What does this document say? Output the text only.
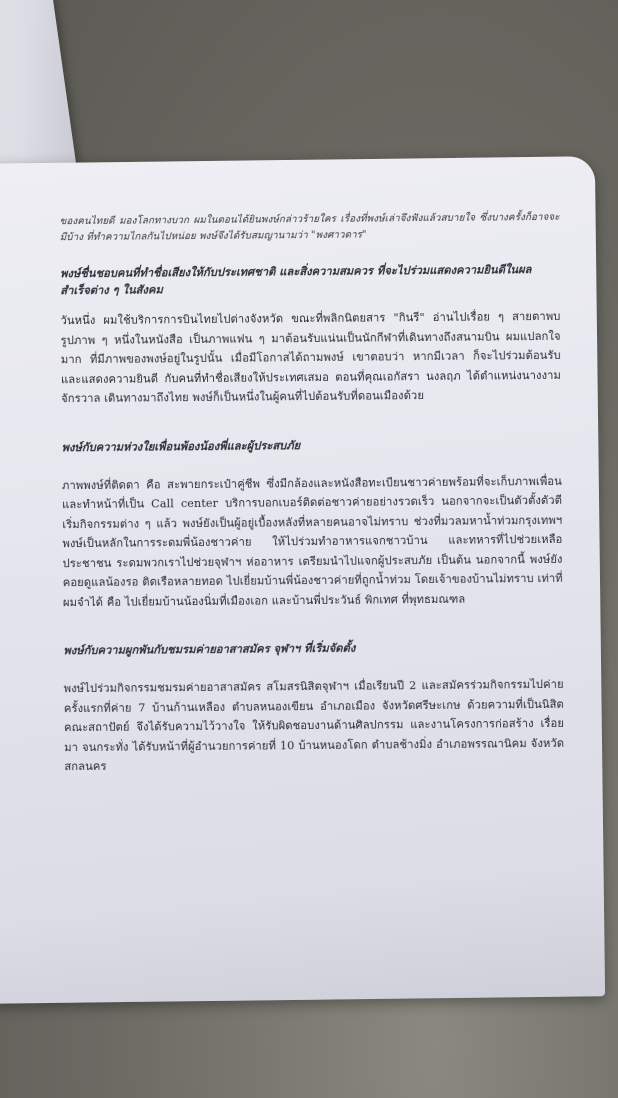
ของคนไทยดี มองโลกทางบวก ผมในตอนได้ยินพงษ์กล่าวร้ายใคร เรื่องที่พงษ์เล่าจึงฟังแล้วสบายใจ ซึ่งบางครั้งก็อาจจะมีบ้าง ที่ทำความไกลกันไปหน่อย พงษ์จึงได้รับสมญานามว่า "พงศาวดาร"

พงษ์ชื่นชอบคนที่ทำชื่อเสียงให้กับประเทศชาติ และสิ่งความสมควร ที่จะไปร่วมแสดงความยินดีในผลสำเร็จต่าง ๆ ในสังคม

วันหนึ่ง ผมใช้บริการการบินไทยไปต่างจังหวัด ขณะที่พลิกนิตยสาร "กินรี" อ่านไปเรื่อย ๆ สายตาพบรูปภาพ ๆ หนึ่งในหนังสือ เป็นภาพแฟน ๆ มาต้อนรับแน่นเป็นนักกีฬาที่เดินทางถึงสนามบิน ผมแปลกใจมาก ที่มีภาพของพงษ์อยู่ในรูปนั้น เมื่อมีโอกาสได้ถามพงษ์ เขาตอบว่า หากมีเวลา ก็จะไปร่วมต้อนรับ และแสดงความยินดี กับคนที่ทำชื่อเสียงให้ประเทศเสมอ ตอนที่คุณเอกัสรา นงลฤภ ได้ตำแหน่งนางงามจักรวาล เดินทางมาถึงไทย พงษ์ก็เป็นหนึ่งในผู้คนที่ไปต้อนรับที่ดอนเมืองด้วย

พงษ์กับความห่วงใยเพื่อนพ้องน้องพี่และผู้ประสบภัย

ภาพพงษ์ที่ติดตา คือ สะพายกระเป๋าคู่ชีพ ซึ่งมีกล้องและหนังสือทะเบียนชาวค่ายพร้อมที่จะเก็บภาพเพื่อน และทำหน้าที่เป็น Call center บริการบอกเบอร์ติดต่อชาวค่ายอย่างรวดเร็ว นอกจากจะเป็นตัวตั้งตัวตีเริ่มกิจกรรมต่าง ๆ แล้ว พงษ์ยังเป็นผู้อยู่เบื้องหลังที่หลายคนอาจไม่ทราบ ช่วงที่มวลมหาน้ำท่วมกรุงเทพฯ พงษ์เป็นหลักในการระดมพี่น้องชาวค่าย ให้ไปร่วมทำอาหารแจกชาวบ้าน และทหารที่ไปช่วยเหลือประชาชน ระดมพวกเราไปช่วยจุฬาฯ ห่ออาหาร เตรียมนำไปแจกผู้ประสบภัย เป็นต้น นอกจากนี้ พงษ์ยังคอยดูแลน้องรอ ติดเรือหลายทอด ไปเยี่ยมบ้านพี่น้องชาวค่ายที่ถูกน้ำท่วม โดยเจ้าของบ้านไม่ทราบ เท่าที่ผมจำได้ คือ ไปเยี่ยมบ้านน้องนิ่มที่เมืองเอก และบ้านพี่ประวันธ์ พิกเทศ ที่พุทธมณฑล

พงษ์กับความผูกพันกับชมรมค่ายอาสาสมัคร จุฬาฯ ที่เริ่มจัดตั้ง

พงษ์ไปร่วมกิจกรรมชมรมค่ายอาสาสมัคร สโมสรนิสิตจุฬาฯ เมื่อเรียนปี 2 และสมัครร่วมกิจกรรมไปค่ายครั้งแรกที่ค่าย 7 บ้านก้านเหลือง ตำบลหนองเขียน อำเภอเมือง จังหวัดศรีษะเกษ ด้วยความที่เป็นนิสิตคณะสถาปัตย์ จึงได้รับความไว้วางใจ ให้รับผิดชอบงานด้านศิลปกรรม และงานโครงการก่อสร้าง เรื่อยมา จนกระทั่ง ได้รับหน้าที่ผู้อำนวยการค่ายที่ 10 บ้านหนองโดก ตำบลช้างมิ่ง อำเภอพรรณานิคม จังหวัดสกลนคร
